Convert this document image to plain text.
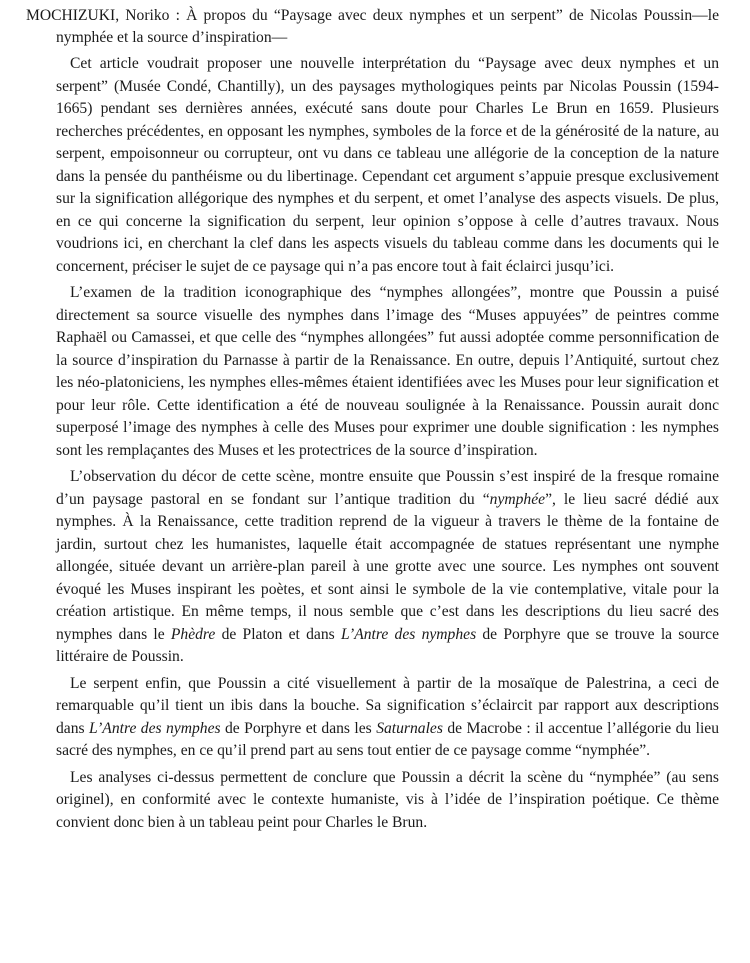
MOCHIZUKI, Noriko : À propos du “Paysage avec deux nymphes et un serpent” de Nicolas Poussin—le nymphée et la source d’inspiration—

Cet article voudrait proposer une nouvelle interprétation du “Paysage avec deux nymphes et un serpent” (Musée Condé, Chantilly), un des paysages mythologiques peints par Nicolas Poussin (1594-1665) pendant ses dernières années, exécuté sans doute pour Charles Le Brun en 1659. Plusieurs recherches précédentes, en opposant les nymphes, symboles de la force et de la générosité de la nature, au serpent, empoisonneur ou corrupteur, ont vu dans ce tableau une allégorie de la conception de la nature dans la pensée du panthéisme ou du libertinage. Cependant cet argument s’appuie presque exclusivement sur la signification allégorique des nymphes et du serpent, et omet l’analyse des aspects visuels. De plus, en ce qui concerne la signification du serpent, leur opinion s’oppose à celle d’autres travaux. Nous voudrions ici, en cherchant la clef dans les aspects visuels du tableau comme dans les documents qui le concernent, préciser le sujet de ce paysage qui n’a pas encore tout à fait éclairci jusqu’ici.

L’examen de la tradition iconographique des “nymphes allongées”, montre que Poussin a puisé directement sa source visuelle des nymphes dans l’image des “Muses appuyées” de peintres comme Raphaël ou Camassei, et que celle des “nymphes allongées” fut aussi adoptée comme personnification de la source d’inspiration du Parnasse à partir de la Renaissance. En outre, depuis l’Antiquité, surtout chez les néo-platoniciens, les nymphes elles-mêmes étaient identifiées avec les Muses pour leur signification et pour leur rôle. Cette identification a été de nouveau soulignée à la Renaissance. Poussin aurait donc superposé l’image des nymphes à celle des Muses pour exprimer une double signification : les nymphes sont les remplaçantes des Muses et les protectrices de la source d’inspiration.

L’observation du décor de cette scène, montre ensuite que Poussin s’est inspiré de la fresque romaine d’un paysage pastoral en se fondant sur l’antique tradition du “nymphée”, le lieu sacré dédié aux nymphes. À la Renaissance, cette tradition reprend de la vigueur à travers le thème de la fontaine de jardin, surtout chez les humanistes, laquelle était accompagnée de statues représentant une nymphe allongée, située devant un arrière-plan pareil à une grotte avec une source. Les nymphes ont souvent évoqué les Muses inspirant les poètes, et sont ainsi le symbole de la vie contemplative, vitale pour la création artistique. En même temps, il nous semble que c’est dans les descriptions du lieu sacré des nymphes dans le Phèdre de Platon et dans L’Antre des nymphes de Porphyre que se trouve la source littéraire de Poussin.

Le serpent enfin, que Poussin a cité visuellement à partir de la mosaïque de Palestrina, a ceci de remarquable qu’il tient un ibis dans la bouche. Sa signification s’éclaircit par rapport aux descriptions dans L’Antre des nymphes de Porphyre et dans les Saturnales de Macrobe : il accentue l’allégorie du lieu sacré des nymphes, en ce qu’il prend part au sens tout entier de ce paysage comme “nymphée”.

Les analyses ci-dessus permettent de conclure que Poussin a décrit la scène du “nymphée” (au sens originel), en conformité avec le contexte humaniste, vis à l’idée de l’inspiration poétique. Ce thème convient donc bien à un tableau peint pour Charles le Brun.
